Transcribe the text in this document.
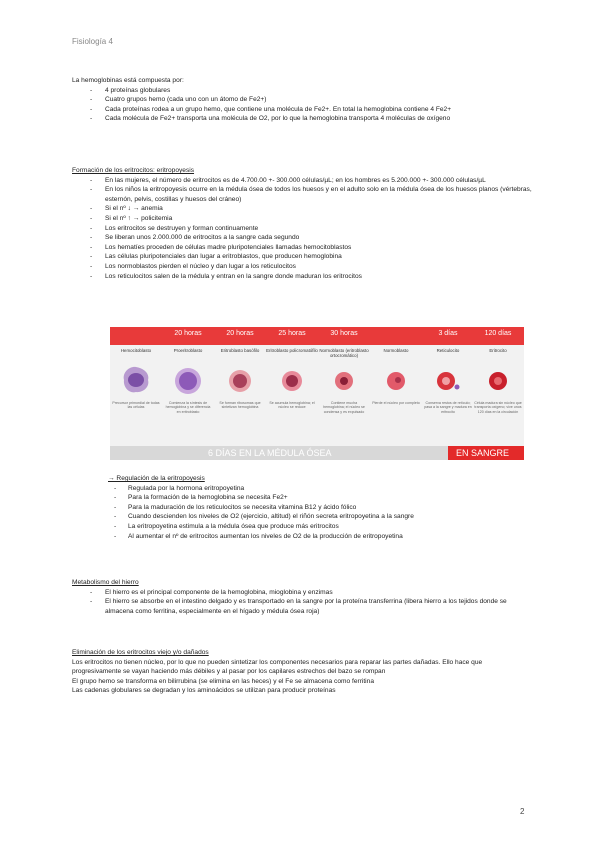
Fisiología 4

La hemoglobinas está compuesta por:

- 4 proteínas globulares
- Cuatro grupos hemo (cada uno con un átomo de Fe2+)
- Cada proteínas rodea a un grupo hemo, que contiene una molécula de Fe2+. En total la hemoglobina contiene 4 Fe2+
- Cada molécula de Fe2+ transporta una molécula de O2, por lo que la hemoglobina transporta 4 moléculas de oxígeno

Formación de los eritrocitos: eritropoyesis

- En las mujeres, el número de eritrocitos es de 4.700.00 +- 300.000 células/µL; en los hombres es 5.200.000 +- 300.000 células/µL
- En los niños la eritropoyesis ocurre en la médula ósea de todos los huesos y en el adulto solo en la médula ósea de los huesos planos (vértebras, esternón, pelvis, costillas y huesos del cráneo)
- Si el nº ↓ → anemia
- Si el nº ↑ → policitemia
- Los eritrocitos se destruyen y forman continuamente
- Se liberan unos 2.000.000 de eritrocitos a la sangre cada segundo
- Los hematíes proceden de células madre pluripotenciales llamadas hemocitoblastos
- Las células pluripotenciales dan lugar a eritroblastos, que producen hemoglobina
- Los normoblastos pierden el núcleo y dan lugar a los reticulocitos
- Los reticulocitos salen de la médula y entran en la sangre donde maduran los eritrocitos
Hemocitoblasto
Precursor primordial de todas las células
20 horas
Proeritroblasto
Comienza la síntesis de hemoglobina y se diferencia en eritroblasto
20 horas
Eritroblasto basófilo
Se forman ribosomas que sintetizan hemoglobina
25 horas
Eritroblasto policromatófilo
Se acumula hemoglobina; el núcleo se reduce
30 horas
Normoblasto (eritroblasto ortocromático)
Contiene mucha hemoglobina; el núcleo se condensa y es expulsado
Normoblasto
Pierde el núcleo por completo
3 días
Reticulocito
Conserva restos de retículo; pasa a la sangre y madura en eritrocito
120 días
Eritrocito
Célula madura sin núcleo que transporta oxígeno; vive unos 120 días en la circulación
6 DÍAS EN LA MÉDULA ÓSEA	EN SANGRE

→ Regulación de la eritropoyesis

- Regulada por la hormona eritropoyetina
- Para la formación de la hemoglobina se necesita Fe2+
- Para la maduración de los reticulocitos se necesita vitamina B12 y ácido fólico
- Cuando descienden los niveles de O2 (ejercicio, altitud) el riñón secreta eritropoyetina a la sangre
- La eritropoyetina estimula a la médula ósea que produce más eritrocitos
- Al aumentar el nº de eritrocitos aumentan los niveles de O2 de la producción de eritropoyetina

Metabolismo del hierro

- El hierro es el principal componente de la hemoglobina, mioglobina y enzimas
- El hierro se absorbe en el intestino delgado y es transportado en la sangre por la proteína transferrina (libera hierro a los tejidos donde se almacena como ferritina, especialmente en el hígado y médula ósea roja)

Eliminación de los eritrocitos viejo y/o dañados

Los eritrocitos no tienen núcleo, por lo que no pueden sintetizar los componentes necesarios para reparar las partes dañadas. Ello hace que progresivamente se vayan haciendo más débiles y al pasar por los capilares estrechos del bazo se rompan

El grupo hemo se transforma en bilirrubina (se elimina en las heces) y el Fe se almacena como ferritina

Las cadenas globulares se degradan y los aminoácidos se utilizan para producir proteínas

2
